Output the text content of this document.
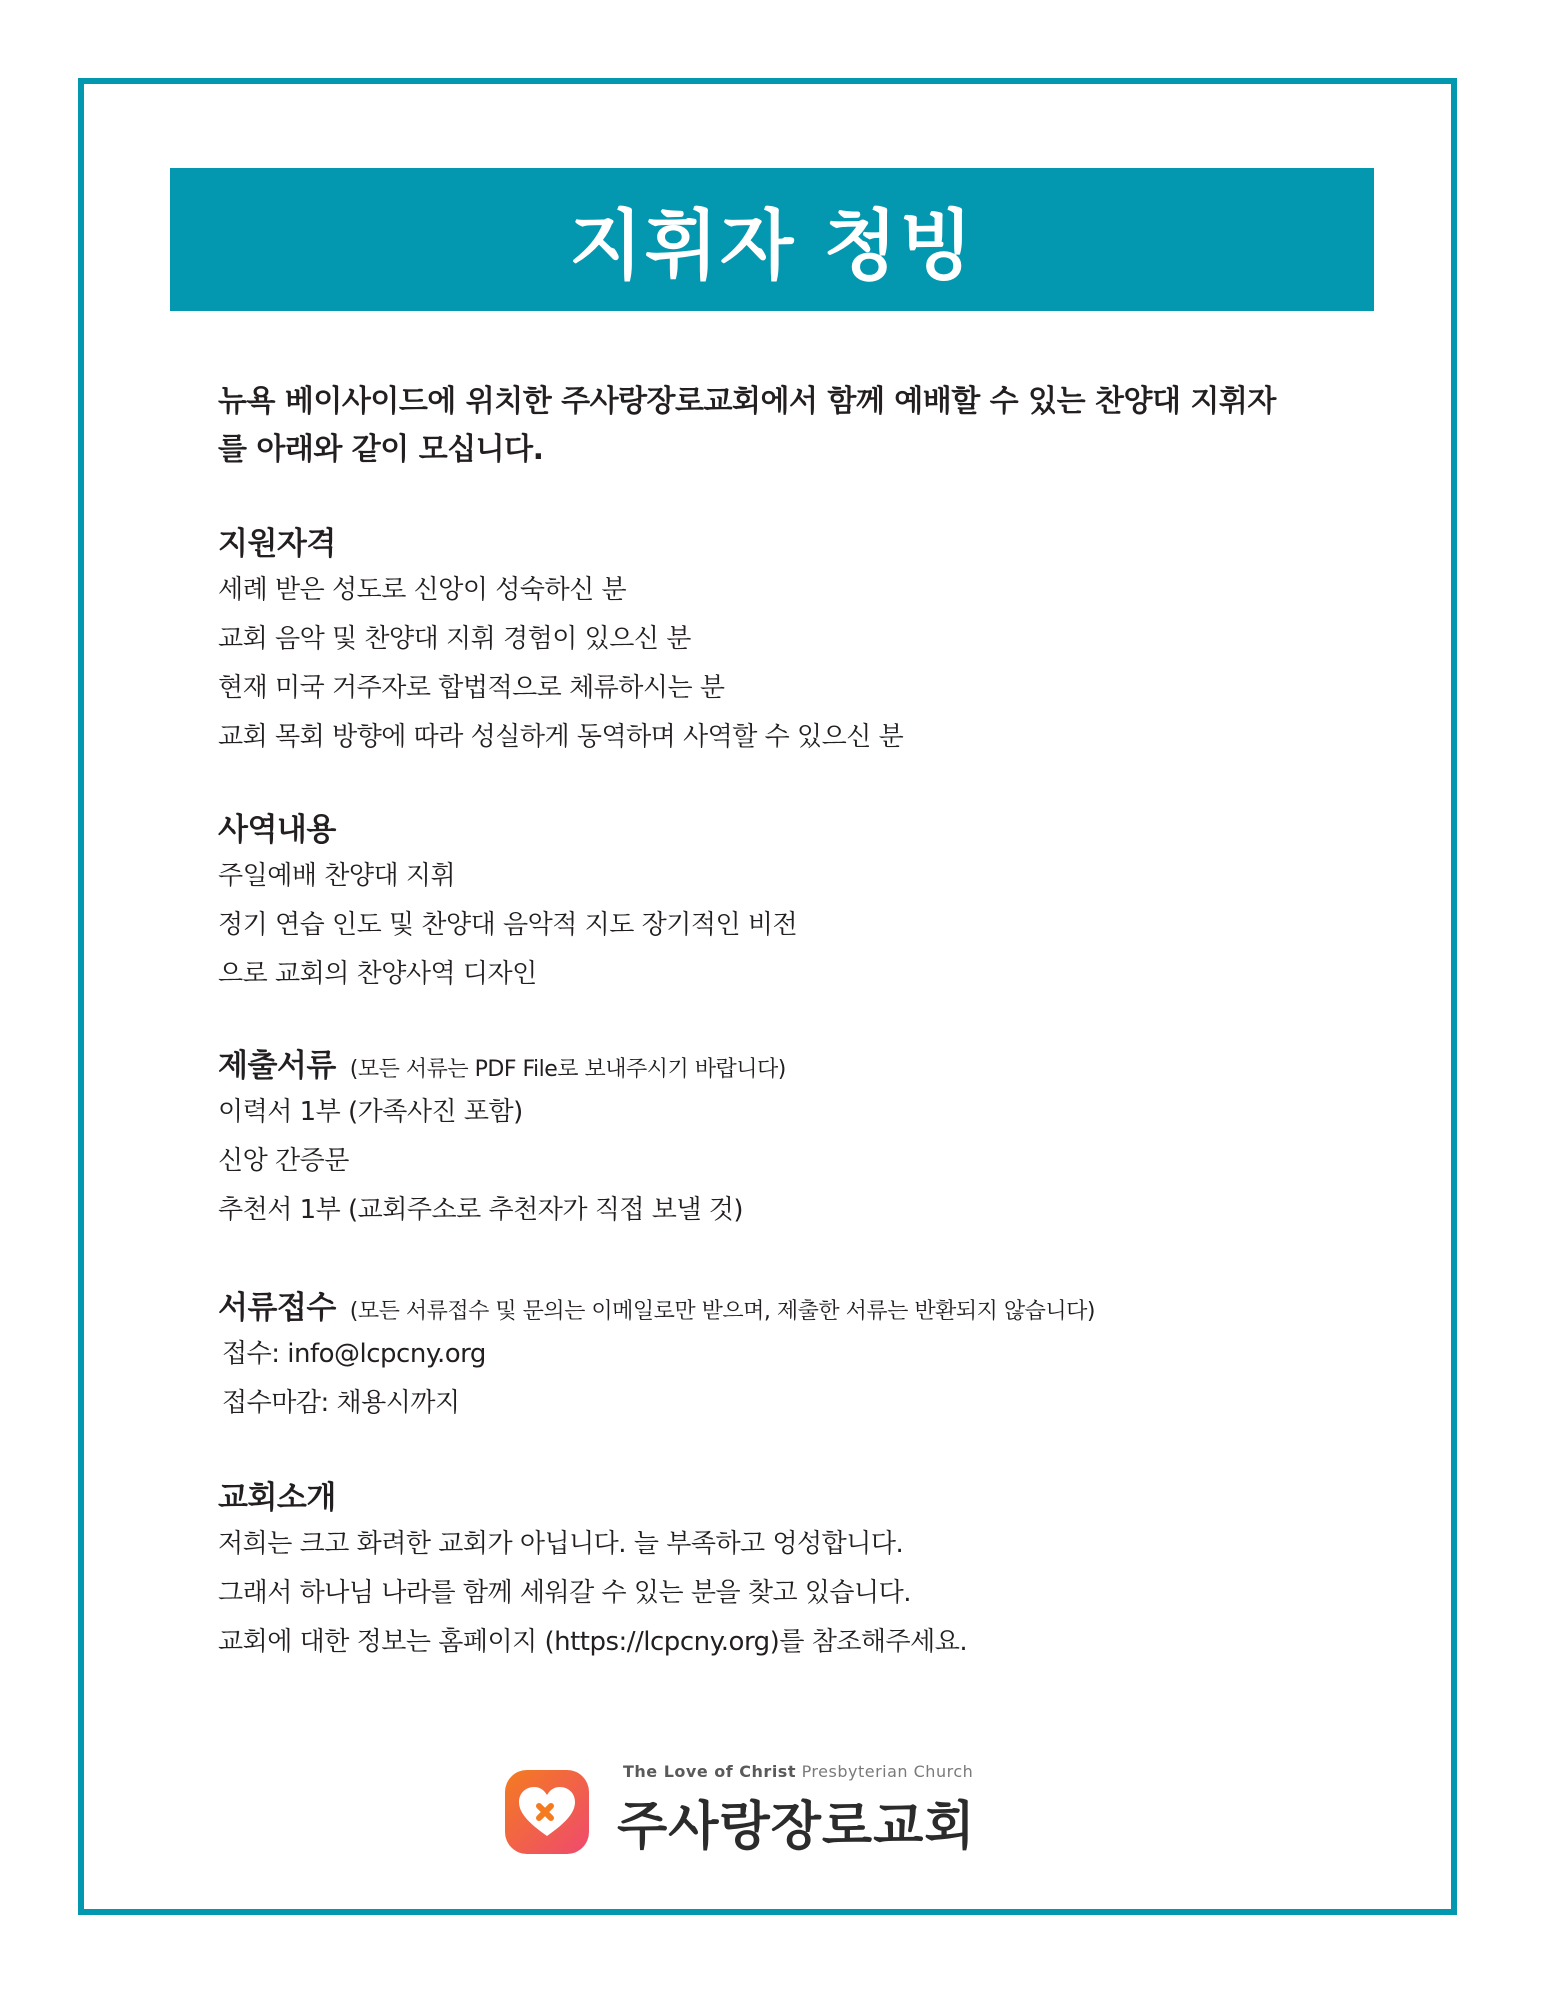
지휘자 청빙
뉴욕 베이사이드에 위치한 주사랑장로교회에서 함께 예배할 수 있는 찬양대 지휘자
를 아래와 같이 모십니다.
지원자격
세례 받은 성도로 신앙이 성숙하신 분
교회 음악 및 찬양대 지휘 경험이 있으신 분
현재 미국 거주자로 합법적으로 체류하시는 분
교회 목회 방향에 따라 성실하게 동역하며 사역할 수 있으신 분
사역내용
주일예배 찬양대 지휘
정기 연습 인도 및 찬양대 음악적 지도 장기적인 비전
으로 교회의 찬양사역 디자인
제출서류 (모든 서류는 PDF File로 보내주시기 바랍니다)
이력서 1부 (가족사진 포함)
신앙 간증문
추천서 1부 (교회주소로 추천자가 직접 보낼 것)
서류접수 (모든 서류접수 및 문의는 이메일로만 받으며, 제출한 서류는 반환되지 않습니다)
접수: info@lcpcny.org
접수마감: 채용시까지
교회소개
저희는 크고 화려한 교회가 아닙니다. 늘 부족하고 엉성합니다.
그래서 하나님 나라를 함께 세워갈 수 있는 분을 찾고 있습니다.
교회에 대한 정보는 홈페이지 (https://lcpcny.org)를 참조해주세요.
The Love of Christ Presbyterian Church
주사랑장로교회
